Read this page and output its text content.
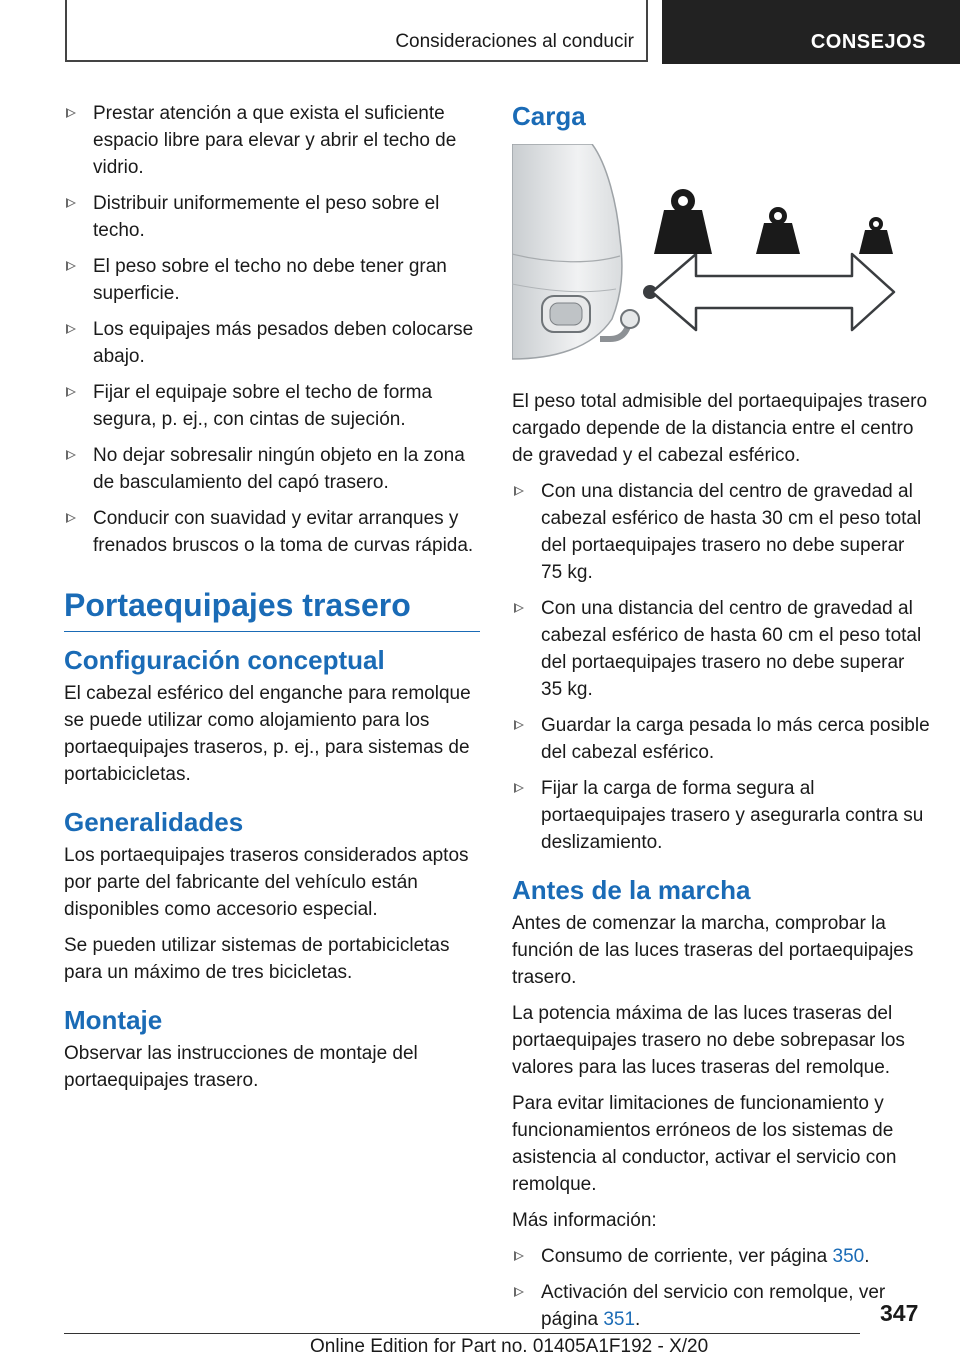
Consideraciones al conducir	CONSEJOS
Prestar atención a que exista el suficiente espacio libre para elevar y abrir el techo de vidrio.
Distribuir uniformemente el peso sobre el techo.
El peso sobre el techo no debe tener gran superficie.
Los equipajes más pesados deben colocarse abajo.
Fijar el equipaje sobre el techo de forma segura, p. ej., con cintas de sujeción.
No dejar sobresalir ningún objeto en la zona de basculamiento del capó trasero.
Conducir con suavidad y evitar arranques y frenados bruscos o la toma de curvas rápida.
Portaequipajes trasero
Configuración conceptual

El cabezal esférico del enganche para remolque se puede utilizar como alojamiento para los portaequipajes traseros, p. ej., para sistemas de portabicicletas.

Generalidades

Los portaequipajes traseros considerados aptos por parte del fabricante del vehículo están disponibles como accesorio especial.

Se pueden utilizar sistemas de portabicicletas para un máximo de tres bicicletas.

Montaje

Observar las instrucciones de montaje del portaequipajes trasero.

Carga

El peso total admisible del portaequipajes trasero cargado depende de la distancia entre el centro de gravedad y el cabezal esférico.

Con una distancia del centro de gravedad al cabezal esférico de hasta 30 cm el peso total del portaequipajes trasero no debe superar 75 kg.
Con una distancia del centro de gravedad al cabezal esférico de hasta 60 cm el peso total del portaequipajes trasero no debe superar 35 kg.
Guardar la carga pesada lo más cerca posible del cabezal esférico.
Fijar la carga de forma segura al portaequipajes trasero y asegurarla contra su deslizamiento.
Antes de la marcha

Antes de comenzar la marcha, comprobar la función de las luces traseras del portaequipajes trasero.

La potencia máxima de las luces traseras del portaequipajes trasero no debe sobrepasar los valores para las luces traseras del remolque.

Para evitar limitaciones de funcionamiento y funcionamientos erróneos de los sistemas de asistencia al conductor, activar el servicio con remolque.

Más información:

Consumo de corriente, ver página 350.
Activación del servicio con remolque, ver página 351.	347
Online Edition for Part no. 01405A1F192 - X/20
